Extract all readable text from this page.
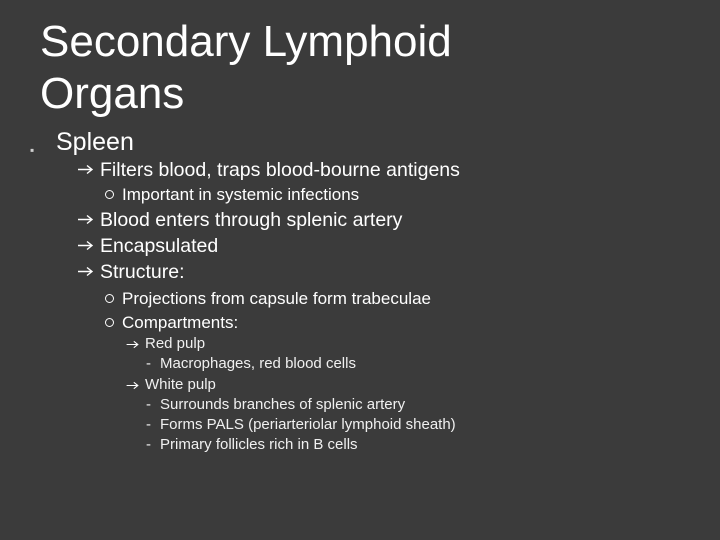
Secondary Lymphoid
Organs
▪ Spleen
Filters blood, traps blood-bourne antigens
Important in systemic infections
Blood enters through splenic artery
Encapsulated
Structure:
Projections from capsule form trabeculae
Compartments:
Red pulp
- Macrophages, red blood cells
White pulp
- Surrounds branches of splenic artery
- Forms PALS (periarteriolar lymphoid sheath)
- Primary follicles rich in B cells
